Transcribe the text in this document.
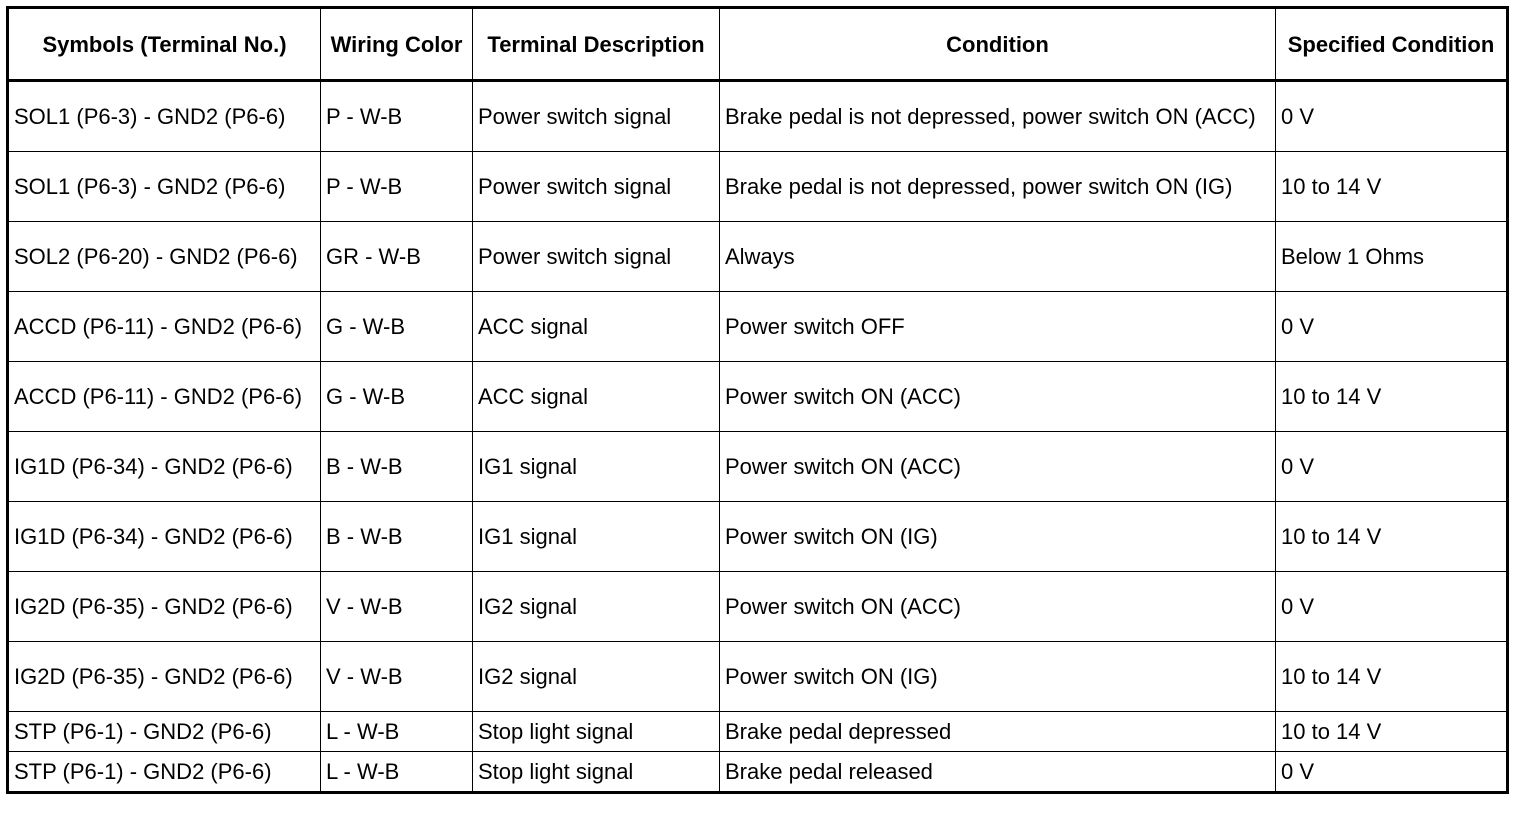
Symbols (Terminal No.)	Wiring Color	Terminal Description	Condition	Specified Condition
SOL1 (P6-3) - GND2 (P6-6)	P - W-B	Power switch signal	Brake pedal is not depressed, power switch ON (ACC)	0 V
SOL1 (P6-3) - GND2 (P6-6)	P - W-B	Power switch signal	Brake pedal is not depressed, power switch ON (IG)	10 to 14 V
SOL2 (P6-20) - GND2 (P6-6)	GR - W-B	Power switch signal	Always	Below 1 Ohms
ACCD (P6-11) - GND2 (P6-6)	G - W-B	ACC signal	Power switch OFF	0 V
ACCD (P6-11) - GND2 (P6-6)	G - W-B	ACC signal	Power switch ON (ACC)	10 to 14 V
IG1D (P6-34) - GND2 (P6-6)	B - W-B	IG1 signal	Power switch ON (ACC)	0 V
IG1D (P6-34) - GND2 (P6-6)	B - W-B	IG1 signal	Power switch ON (IG)	10 to 14 V
IG2D (P6-35) - GND2 (P6-6)	V - W-B	IG2 signal	Power switch ON (ACC)	0 V
IG2D (P6-35) - GND2 (P6-6)	V - W-B	IG2 signal	Power switch ON (IG)	10 to 14 V
STP (P6-1) - GND2 (P6-6)	L - W-B	Stop light signal	Brake pedal depressed	10 to 14 V
STP (P6-1) - GND2 (P6-6)	L - W-B	Stop light signal	Brake pedal released	0 V
